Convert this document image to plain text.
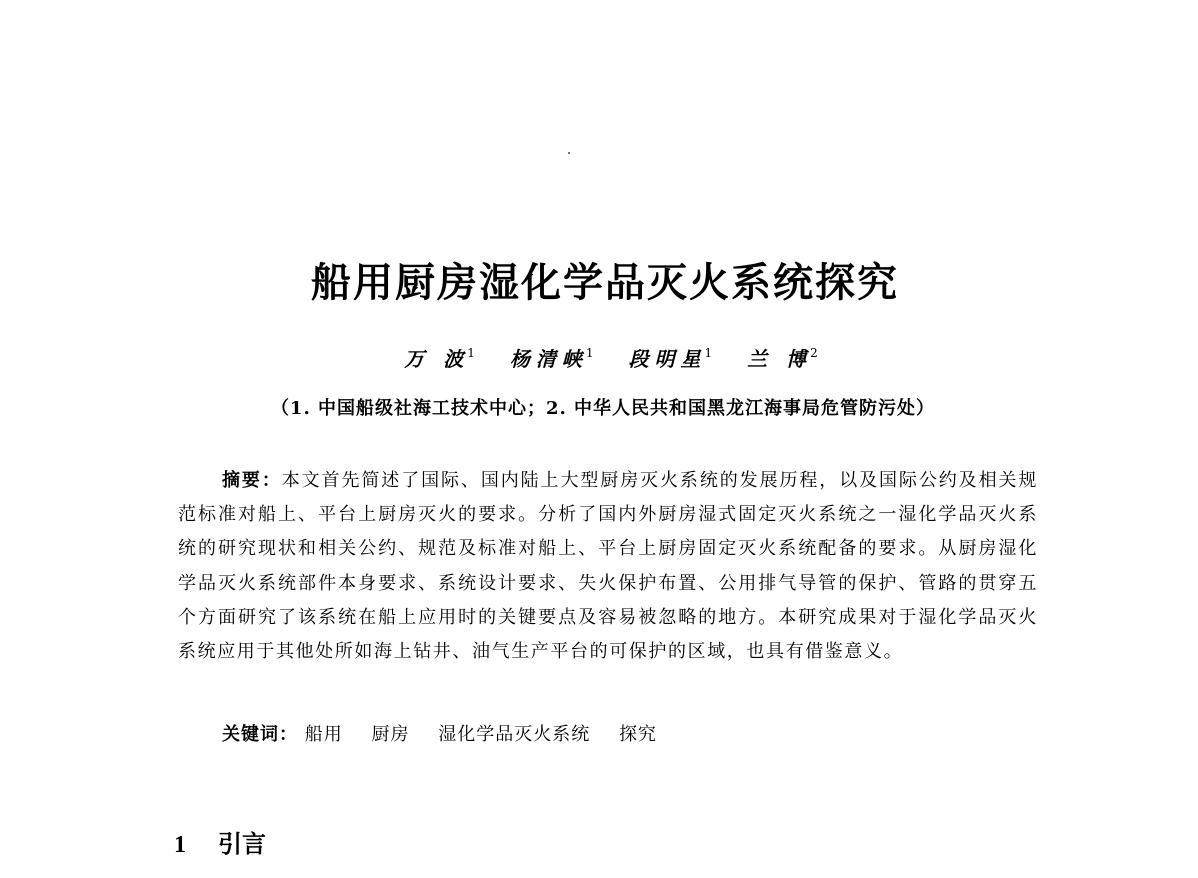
船用厨房湿化学品灭火系统探究
万 波$^1$ 杨清峡$^1$ 段明星$^1$ 兰 博$^2$
（1. 中国船级社海工技术中心；2. 中华人民共和国黑龙江海事局危管防污处）

摘要：本文首先简述了国际、国内陆上大型厨房灭火系统的发展历程，以及国际公约及相关规范标准对船上、平台上厨房灭火的要求。分析了国内外厨房湿式固定灭火系统之一湿化学品灭火系统的研究现状和相关公约、规范及标准对船上、平台上厨房固定灭火系统配备的要求。从厨房湿化学品灭火系统部件本身要求、系统设计要求、失火保护布置、公用排气导管的保护、管路的贯穿五个方面研究了该系统在船上应用时的关键要点及容易被忽略的地方。本研究成果对于湿化学品灭火系统应用于其他处所如海上钻井、油气生产平台的可保护的区域，也具有借鉴意义。

关键词： 船用 厨房 湿化学品灭火系统 探究
1 引言
